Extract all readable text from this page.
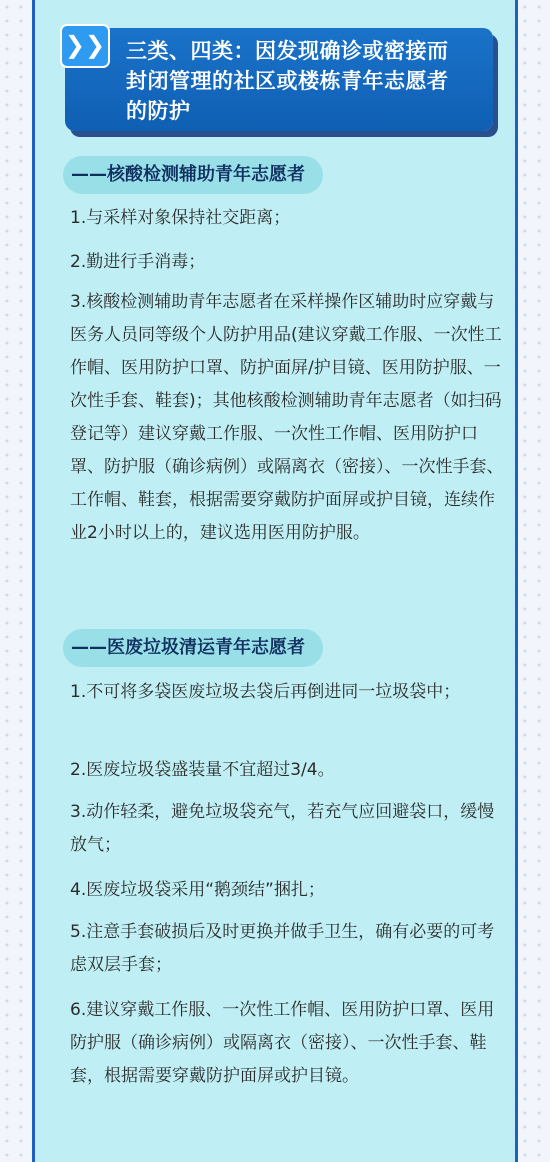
❯❯ 三类、四类：因发现确诊或密接而
封闭管理的社区或楼栋青年志愿者
的防护
——核酸检测辅助青年志愿者

1.与采样对象保持社交距离；

2.勤进行手消毒；

3.核酸检测辅助青年志愿者在采样操作区辅助时应穿戴与医务人员同等级个人防护用品(建议穿戴工作服、一次性工作帽、医用防护口罩、防护面屏/护目镜、医用防护服、一次性手套、鞋套)；其他核酸检测辅助青年志愿者（如扫码登记等）建议穿戴工作服、一次性工作帽、医用防护口罩、防护服（确诊病例）或隔离衣（密接）、一次性手套、工作帽、鞋套，根据需要穿戴防护面屏或护目镜，连续作业2小时以上的，建议选用医用防护服。

——医废垃圾清运青年志愿者

1.不可将多袋医废垃圾去袋后再倒进同一垃圾袋中；

2.医废垃圾袋盛装量不宜超过3/4。

3.动作轻柔，避免垃圾袋充气，若充气应回避袋口，缓慢放气；

4.医废垃圾袋采用“鹅颈结”捆扎；

5.注意手套破损后及时更换并做手卫生，确有必要的可考虑双层手套；

6.建议穿戴工作服、一次性工作帽、医用防护口罩、医用防护服（确诊病例）或隔离衣（密接）、一次性手套、鞋套，根据需要穿戴防护面屏或护目镜。
